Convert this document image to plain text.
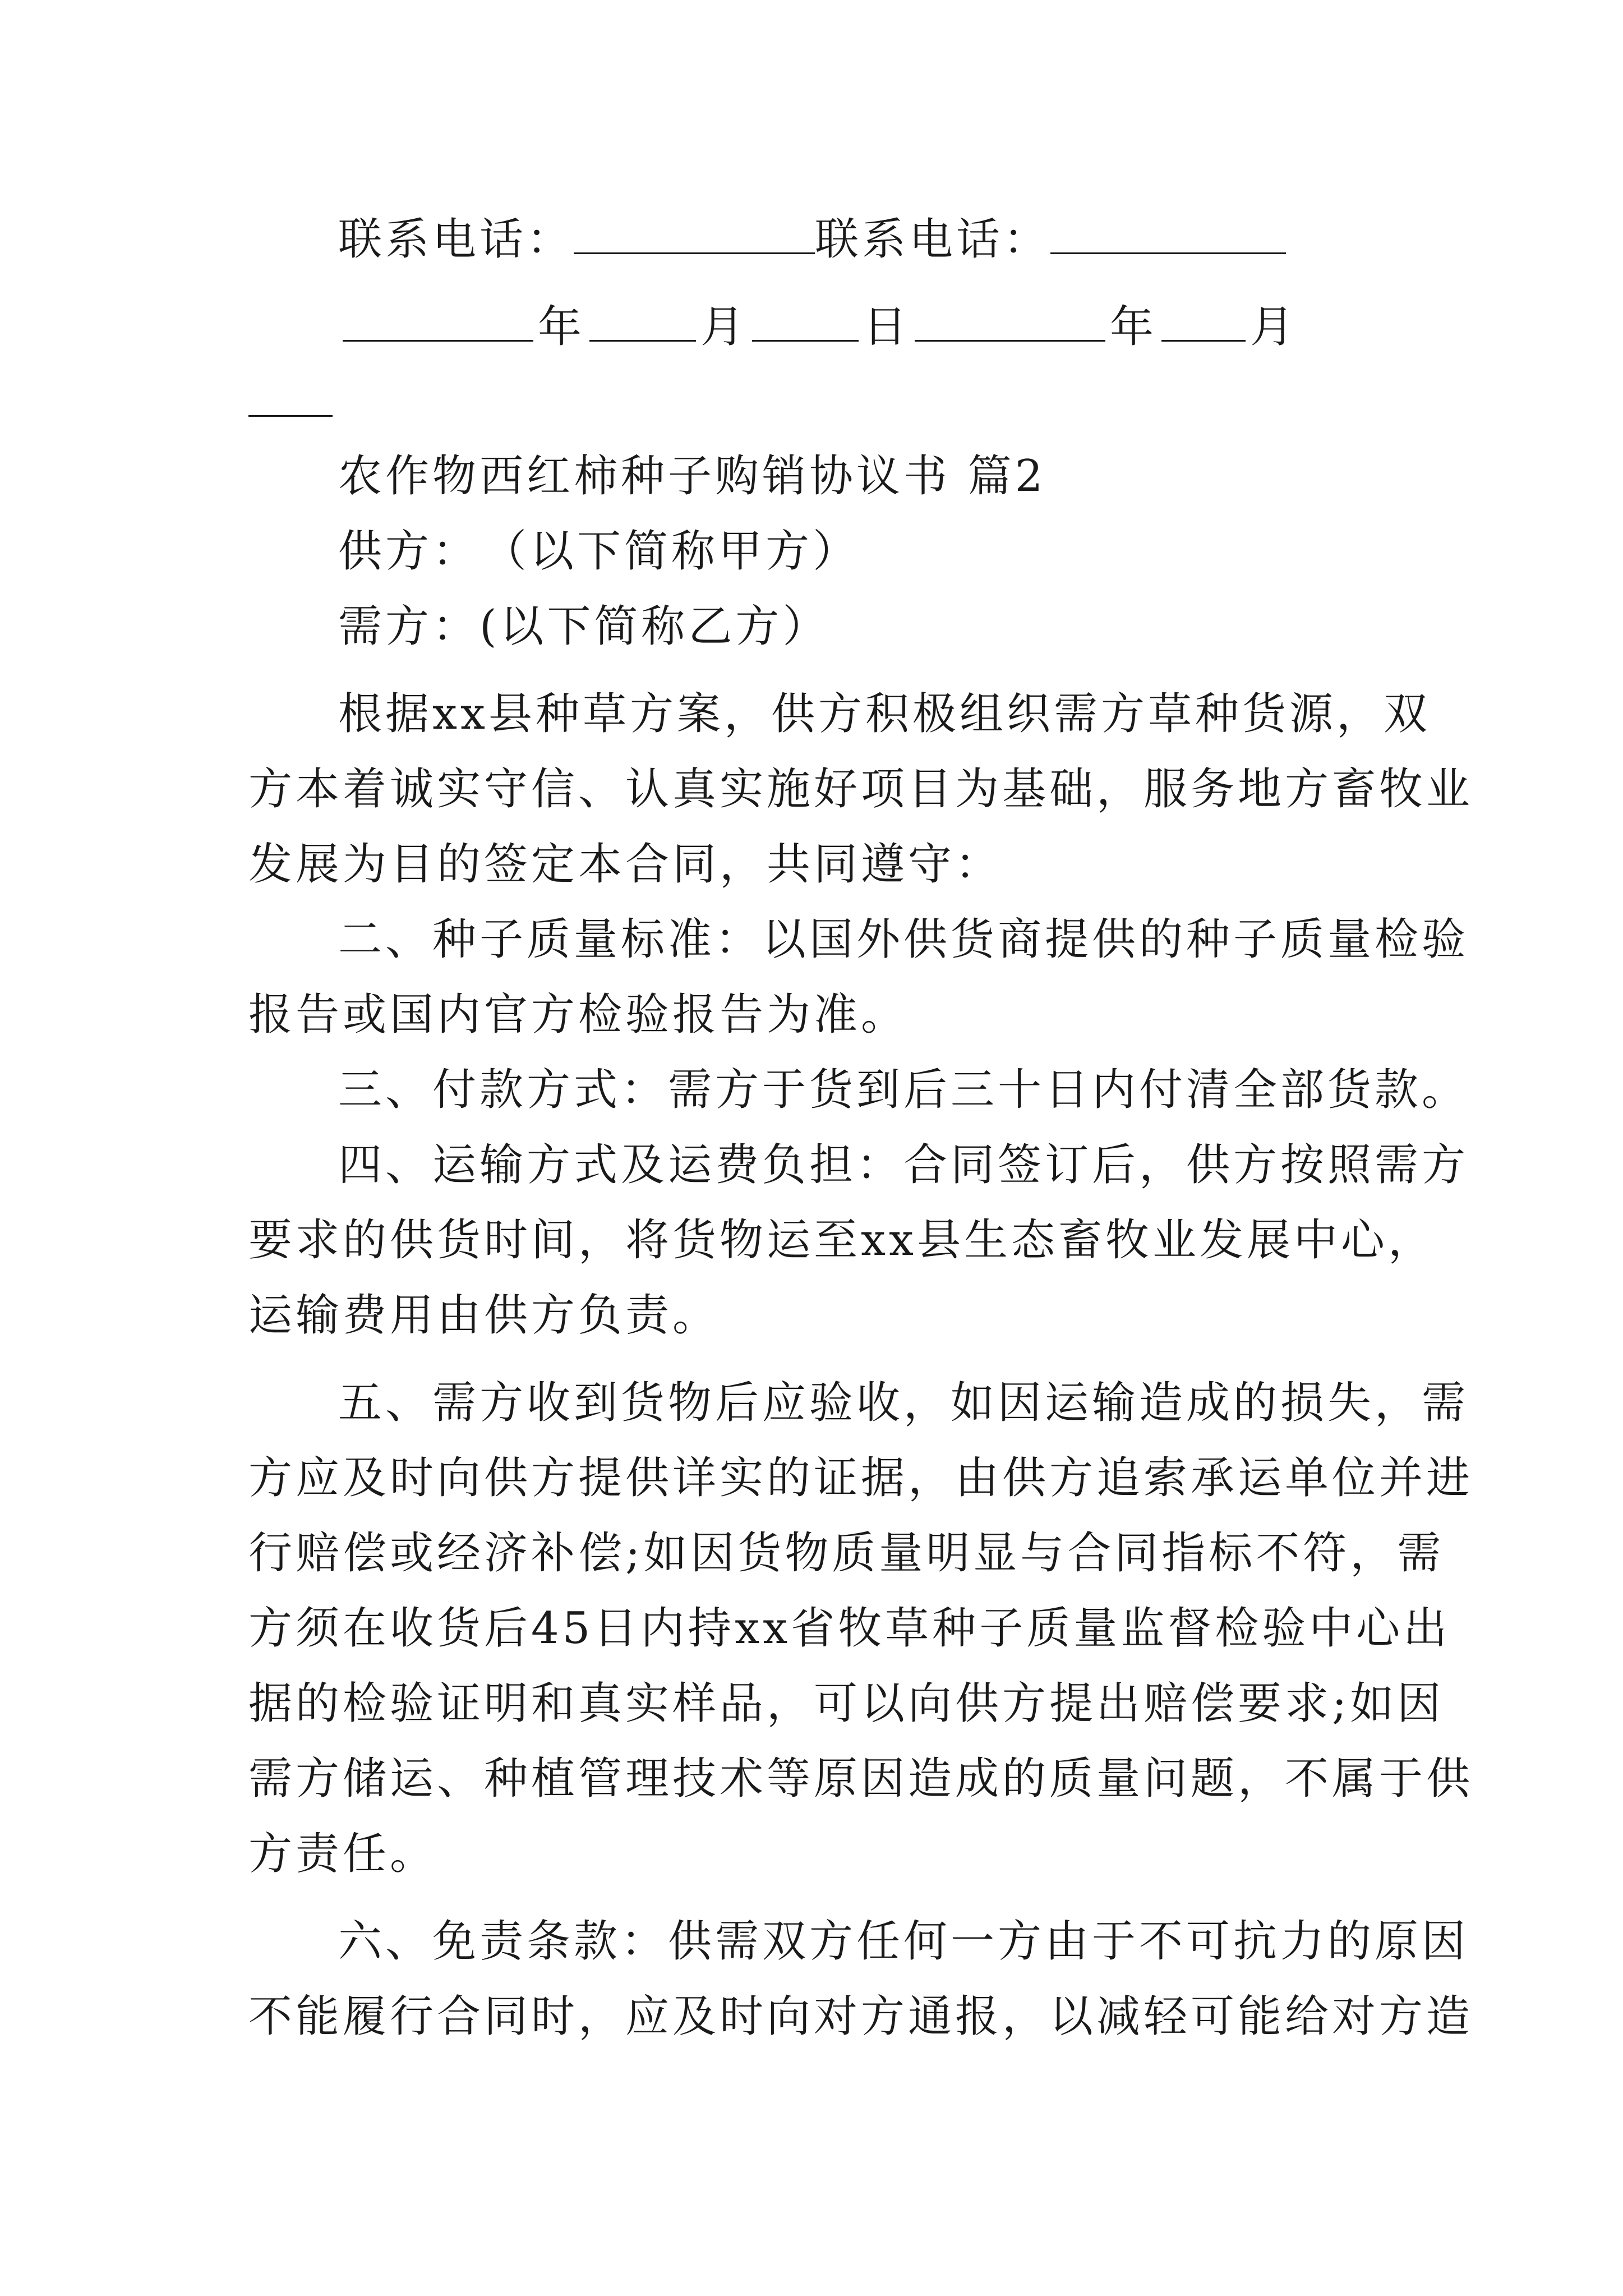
联系电话：	联系电话：
年	月	日	年 月
农作物西红柿种子购销协议书 篇2
供方：　（以下简称甲方）
需方：(以下简称乙方）
根据xx县种草方案，供方积极组织需方草种货源，双
方本着诚实守信、认真实施好项目为基础，服务地方畜牧业
发展为目的签定本合同，共同遵守：
二、种子质量标准：以国外供货商提供的种子质量检验
报告或国内官方检验报告为准。
三、付款方式：需方于货到后三十日内付清全部货款。
四、运输方式及运费负担：合同签订后，供方按照需方
要求的供货时间，将货物运至xx县生态畜牧业发展中心，
运输费用由供方负责。
五、需方收到货物后应验收，如因运输造成的损失，需
方应及时向供方提供详实的证据，由供方追索承运单位并进
行赔偿或经济补偿;如因货物质量明显与合同指标不符，需
方须在收货后45日内持xx省牧草种子质量监督检验中心出
据的检验证明和真实样品，可以向供方提出赔偿要求;如因
需方储运、种植管理技术等原因造成的质量问题，不属于供
方责任。
六、免责条款：供需双方任何一方由于不可抗力的原因
不能履行合同时，应及时向对方通报，以减轻可能给对方造
